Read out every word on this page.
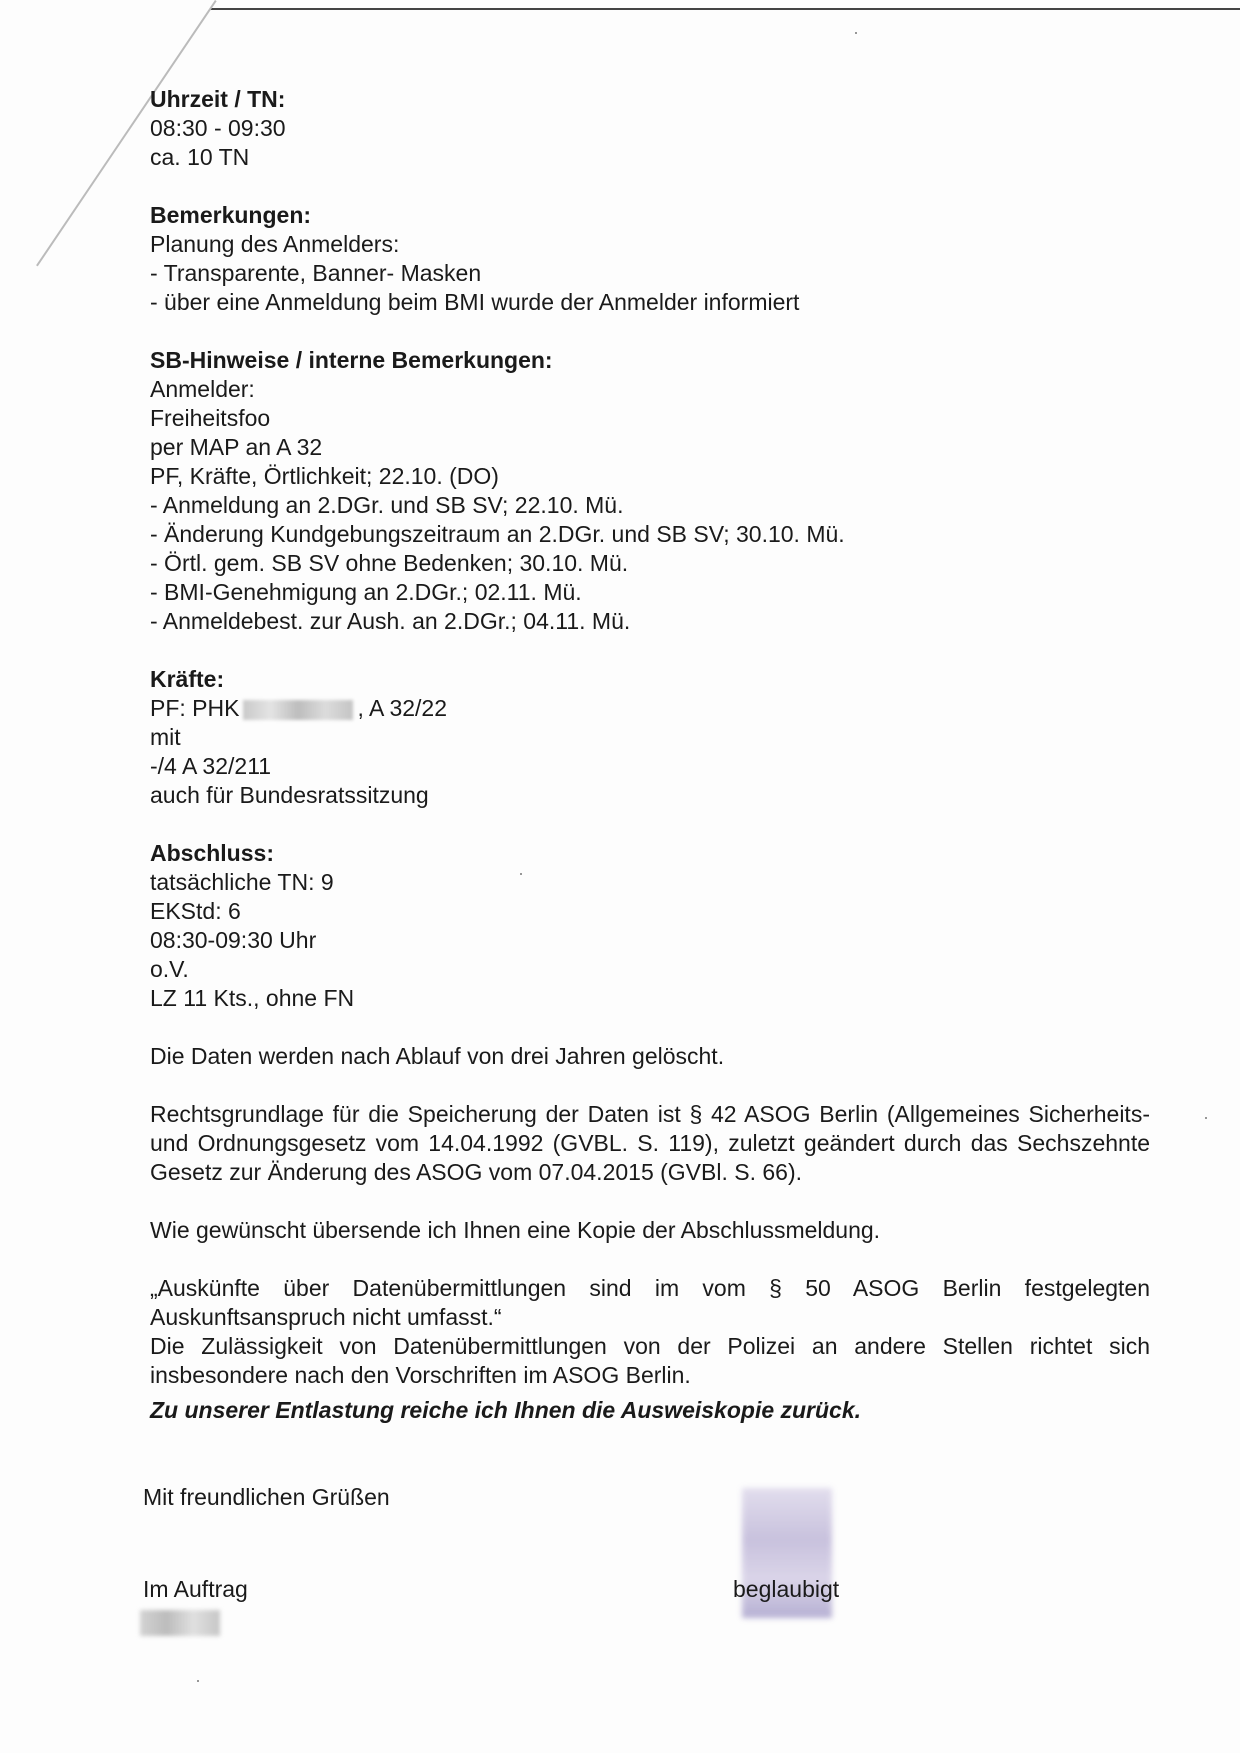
Uhrzeit / TN:
08:30 - 09:30
ca. 10 TN
Bemerkungen:
Planung des Anmelders:
- Transparente, Banner- Masken
- über eine Anmeldung beim BMI wurde der Anmelder informiert
SB-Hinweise / interne Bemerkungen:
Anmelder:
Freiheitsfoo
per MAP an A 32
PF, Kräfte, Örtlichkeit; 22.10. (DO)
- Anmeldung an 2.DGr. und SB SV; 22.10. Mü.
- Änderung Kundgebungszeitraum an 2.DGr. und SB SV; 30.10. Mü.
- Örtl. gem. SB SV ohne Bedenken; 30.10. Mü.
- BMI-Genehmigung an 2.DGr.; 02.11. Mü.
- Anmeldebest. zur Aush. an 2.DGr.; 04.11. Mü.
Kräfte:
PF: PHK	, A 32/22
mit
-/4 A 32/211
auch für Bundesratssitzung
Abschluss:
tatsächliche TN: 9
EKStd: 6
08:30-09:30 Uhr
o.V.
LZ 11 Kts., ohne FN

Die Daten werden nach Ablauf von drei Jahren gelöscht.

Rechtsgrundlage für die Speicherung der Daten ist § 42 ASOG Berlin (Allgemeines Sicherheits- und Ordnungsgesetz vom 14.04.1992 (GVBL. S. 119), zuletzt geändert durch das Sechszehnte Gesetz zur Änderung des ASOG vom 07.04.2015 (GVBl. S. 66).

Wie gewünscht übersende ich Ihnen eine Kopie der Abschlussmeldung.

„Auskünfte über Datenübermittlungen sind im vom § 50 ASOG Berlin festgelegten Auskunftsanspruch nicht umfasst.“
Die Zulässigkeit von Datenübermittlungen von der Polizei an andere Stellen richtet sich insbesondere nach den Vorschriften im ASOG Berlin.
Zu unserer Entlastung reiche ich Ihnen die Ausweiskopie zurück.
Mit freundlichen Grüßen
Im Auftrag	beglaubigt
